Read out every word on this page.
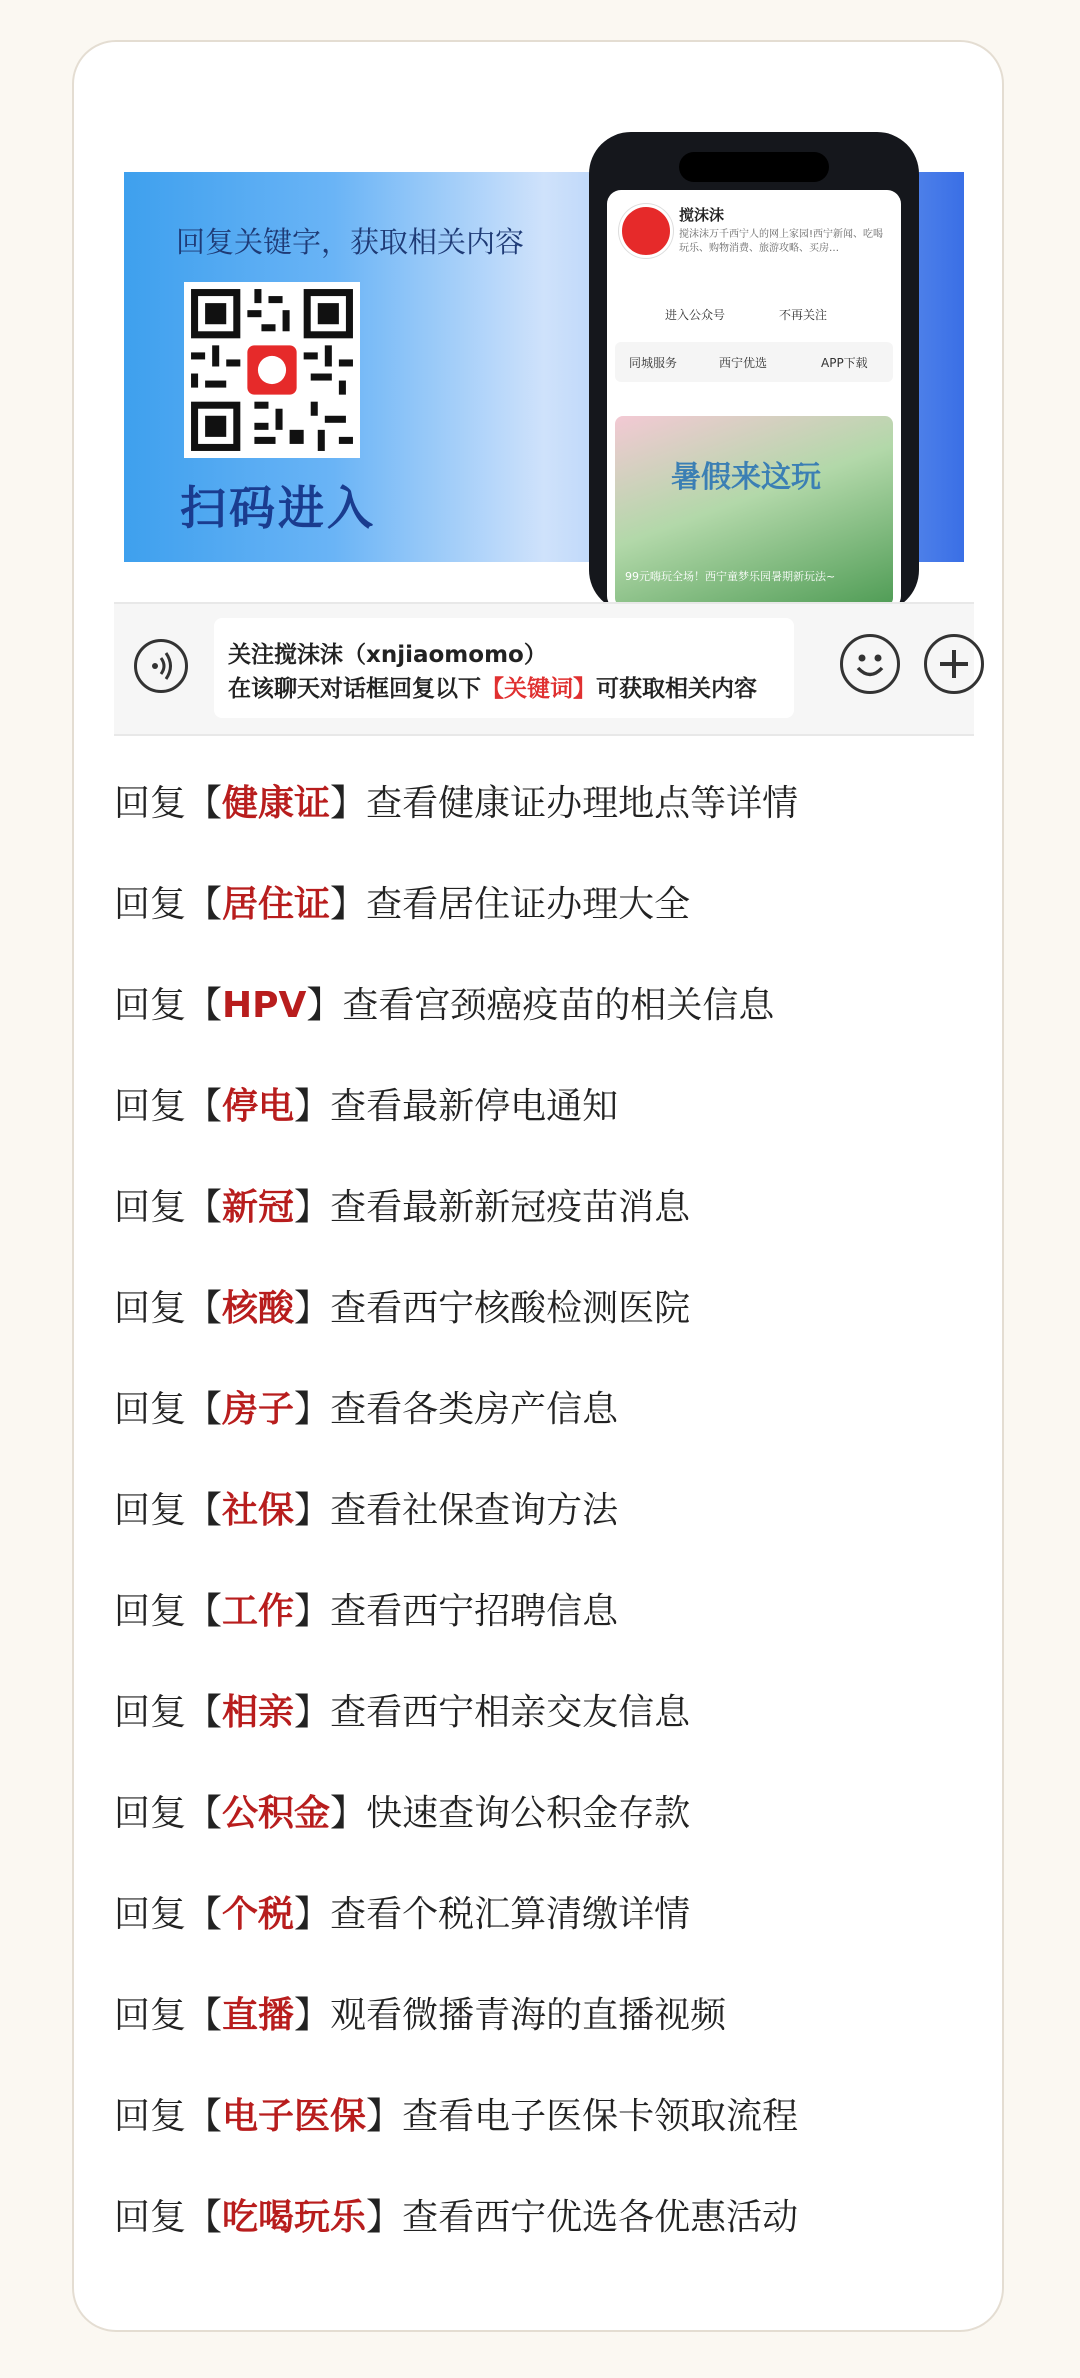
回复关键字，获取相关内容
扫码进入
搅沫沫
搅沫沫万千西宁人的网上家园!西宁新闻、吃喝玩乐、购物消费、旅游攻略、买房…
进入公众号	不再关注
同城服务	西宁优选	APP下载
暑假来这玩
99元嗨玩全场！西宁童梦乐园暑期新玩法~
关注搅沫沫（xnjiaomomo）
在该聊天对话框回复以下【关键词】可获取相关内容
回复【健康证】查看健康证办理地点等详情
回复【居住证】查看居住证办理大全
回复【HPV】查看宫颈癌疫苗的相关信息
回复【停电】查看最新停电通知
回复【新冠】查看最新新冠疫苗消息
回复【核酸】查看西宁核酸检测医院
回复【房子】查看各类房产信息
回复【社保】查看社保查询方法
回复【工作】查看西宁招聘信息
回复【相亲】查看西宁相亲交友信息
回复【公积金】快速查询公积金存款
回复【个税】查看个税汇算清缴详情
回复【直播】观看微播青海的直播视频
回复【电子医保】查看电子医保卡领取流程
回复【吃喝玩乐】查看西宁优选各优惠活动
